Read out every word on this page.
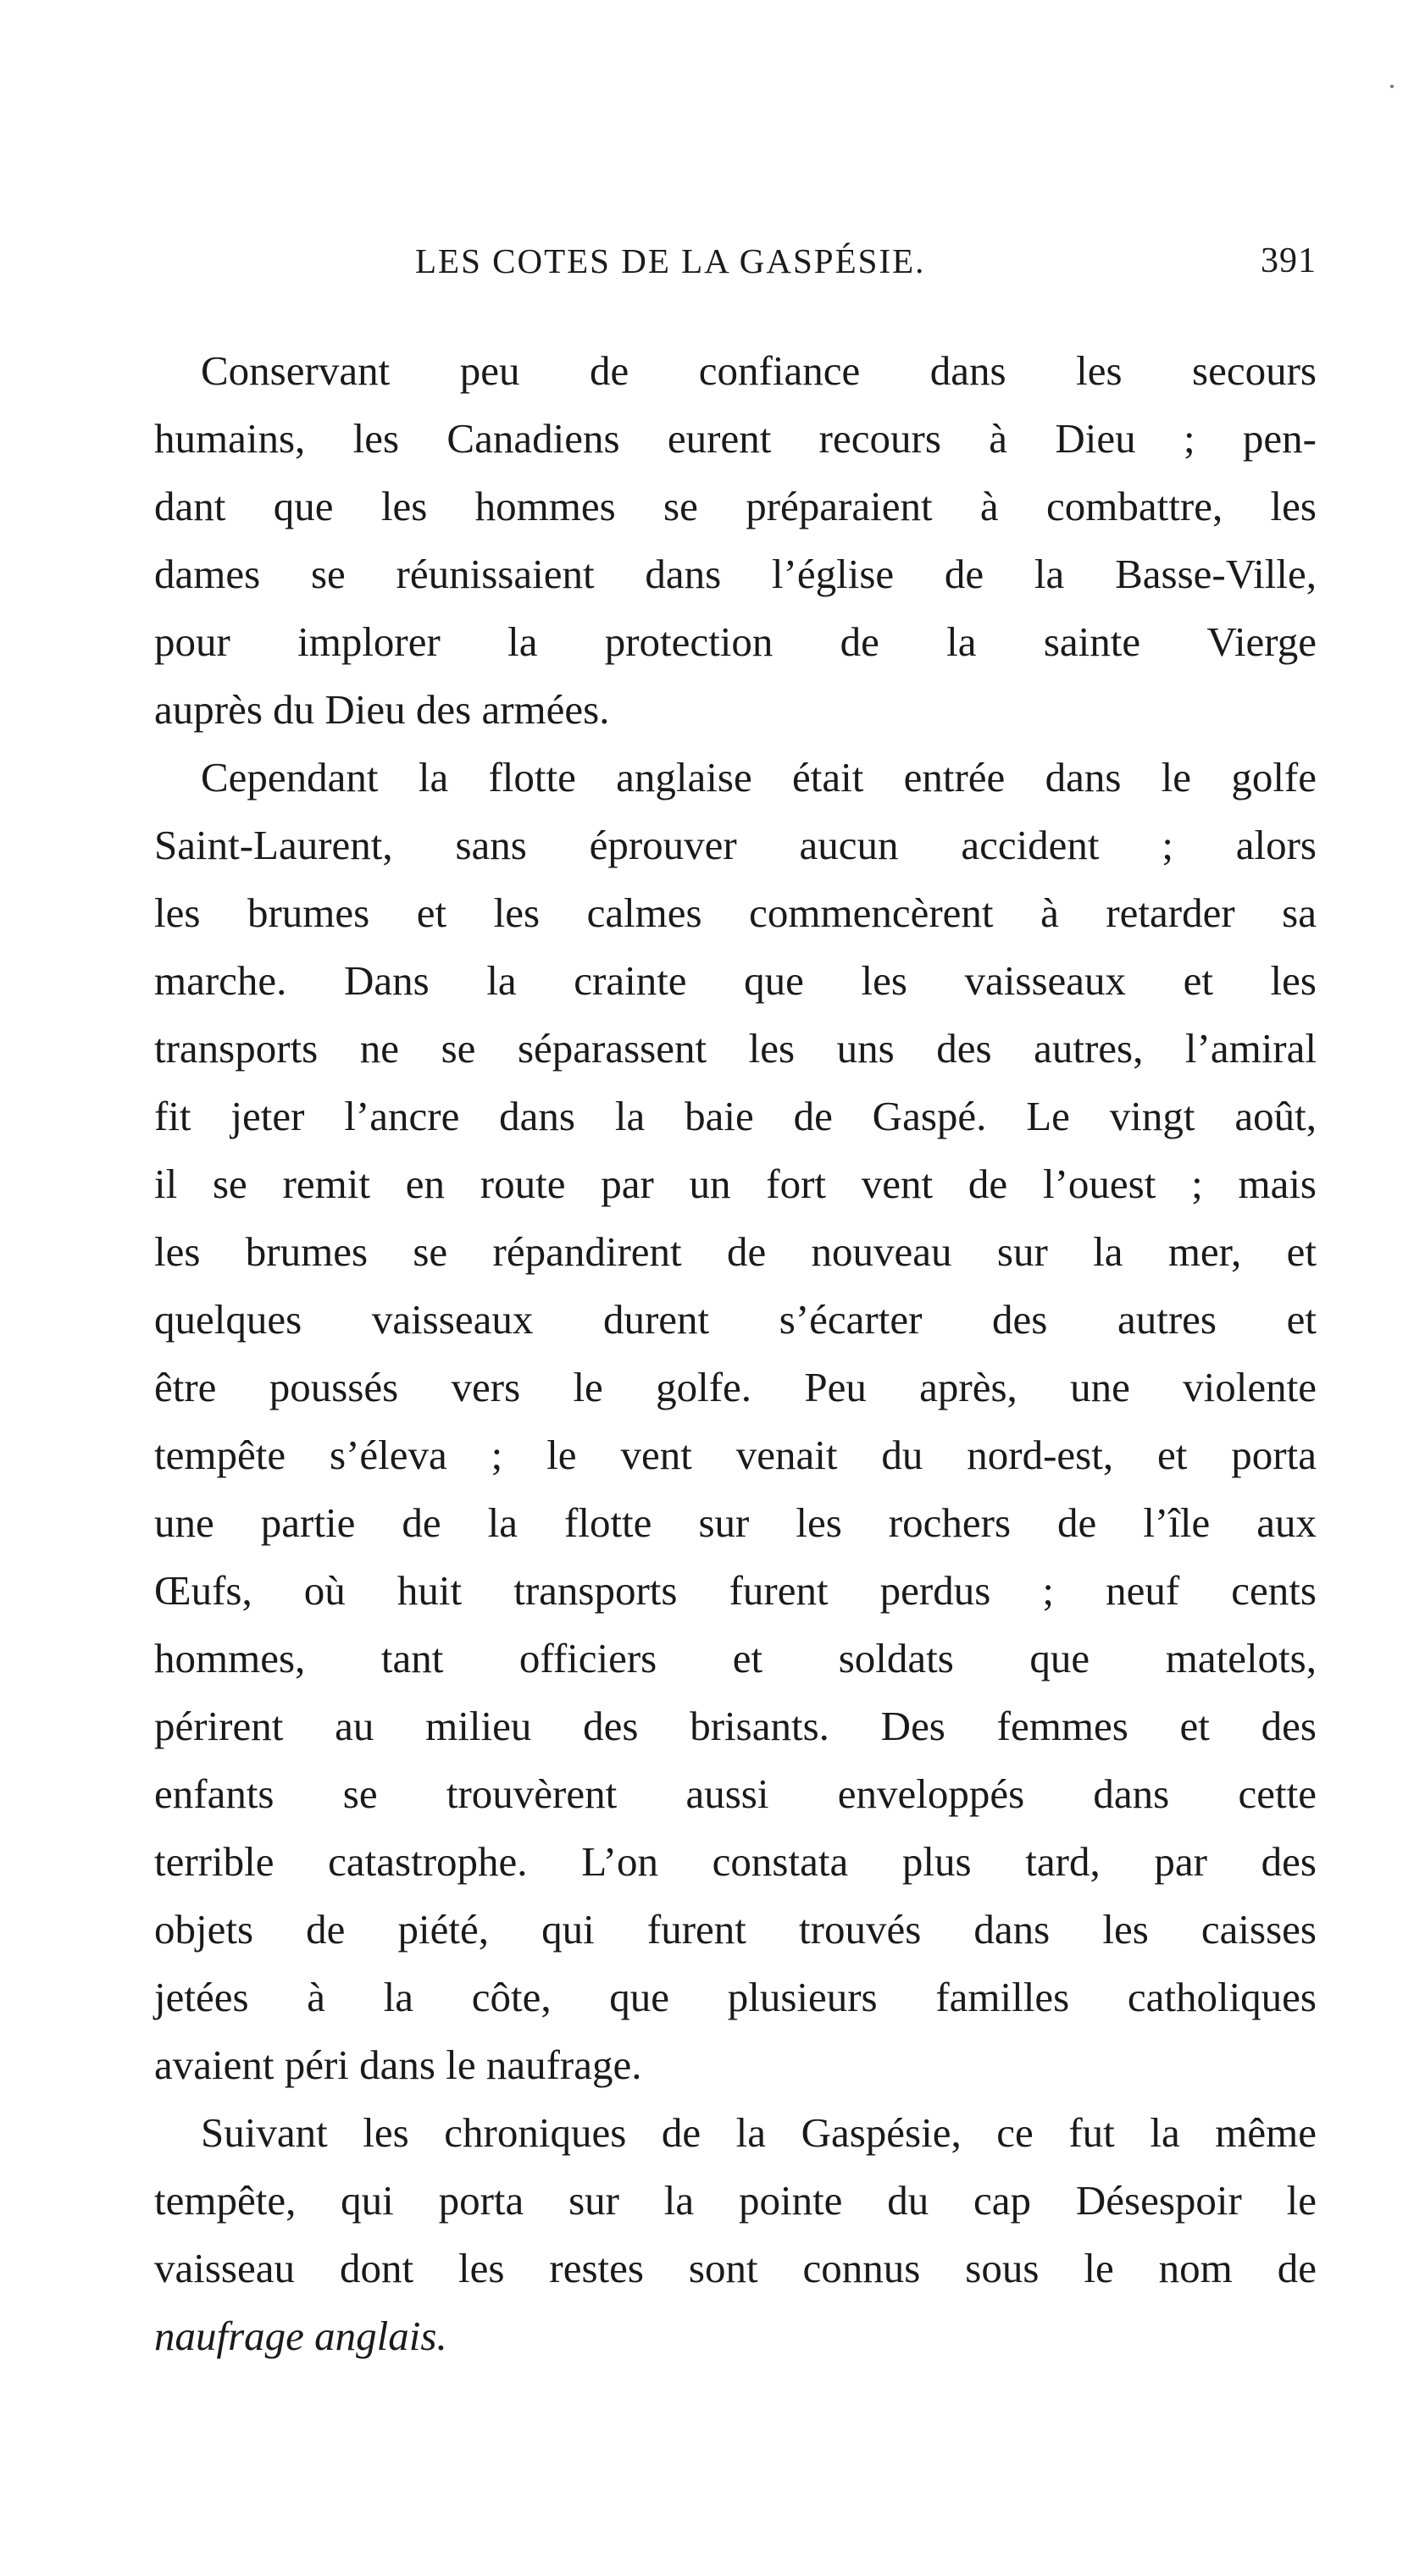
LES COTES DE LA GASPÉSIE.	391
Conservant peu de confiance dans les secours
humains, les Canadiens eurent recours à Dieu ; pen-
dant que les hommes se préparaient à combattre, les
dames se réunissaient dans l’église de la Basse-Ville,
pour implorer la protection de la sainte Vierge
auprès du Dieu des armées.
Cependant la flotte anglaise était entrée dans le golfe
Saint-Laurent, sans éprouver aucun accident ; alors
les brumes et les calmes commencèrent à retarder sa
marche. Dans la crainte que les vaisseaux et les
transports ne se séparassent les uns des autres, l’amiral
fit jeter l’ancre dans la baie de Gaspé. Le vingt août,
il se remit en route par un fort vent de l’ouest ; mais
les brumes se répandirent de nouveau sur la mer, et
quelques vaisseaux durent s’écarter des autres et
être poussés vers le golfe. Peu après, une violente
tempête s’éleva ; le vent venait du nord-est, et porta
une partie de la flotte sur les rochers de l’île aux
Œufs, où huit transports furent perdus ; neuf cents
hommes, tant officiers et soldats que matelots,
périrent au milieu des brisants. Des femmes et des
enfants se trouvèrent aussi enveloppés dans cette
terrible catastrophe. L’on constata plus tard, par des
objets de piété, qui furent trouvés dans les caisses
jetées à la côte, que plusieurs familles catholiques
avaient péri dans le naufrage.
Suivant les chroniques de la Gaspésie, ce fut la même
tempête, qui porta sur la pointe du cap Désespoir le
vaisseau dont les restes sont connus sous le nom de
naufrage anglais.
